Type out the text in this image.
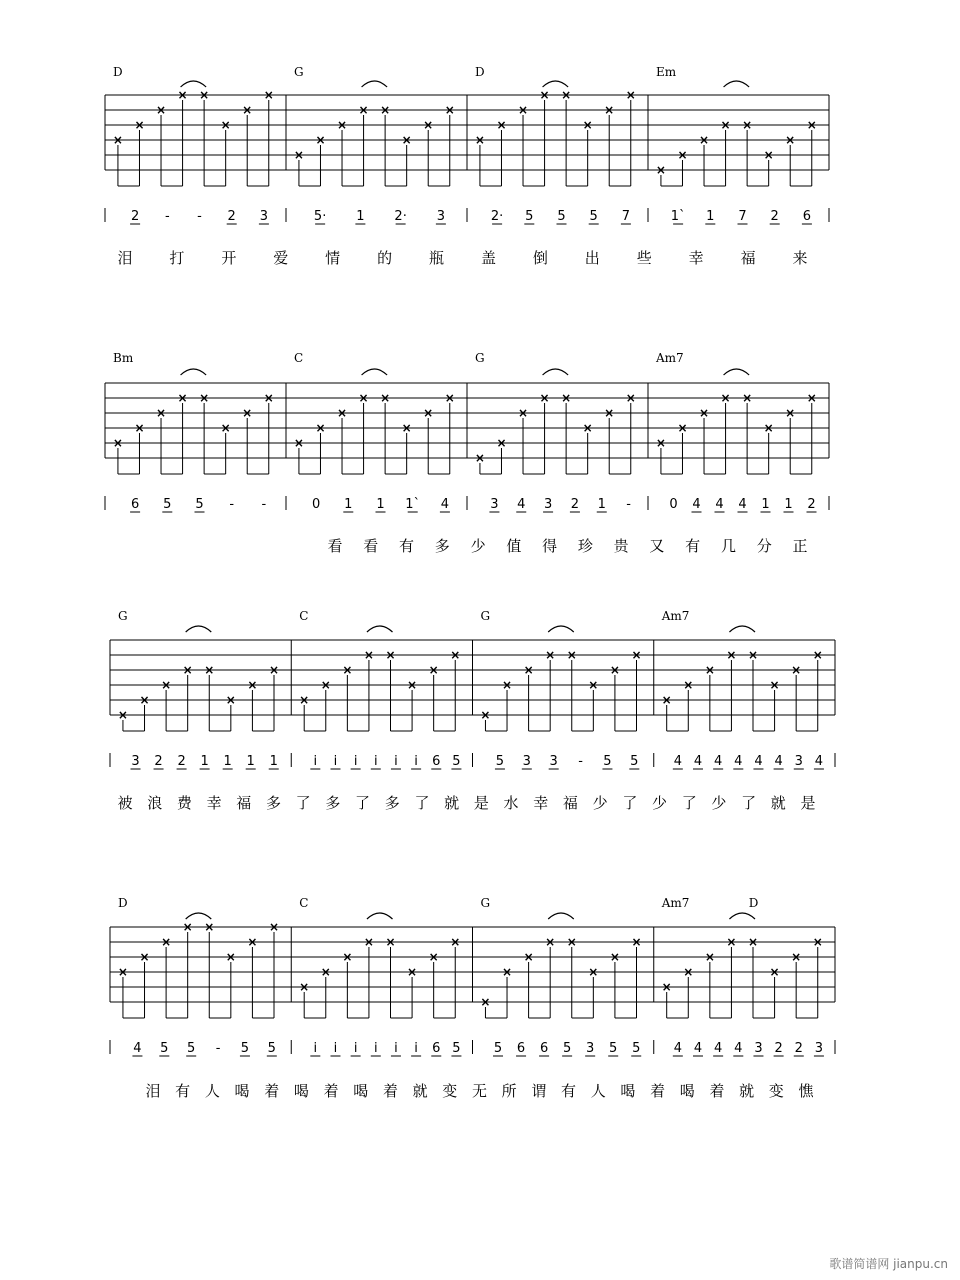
D
×
×
×
× ×
×
×
×
2 - - 2 3
G
×
×
×
× ×
×
×
×
5· 1 2· 3
D
×
×
×
× ×
×
×
×
2· 5 5 5 7
Em
×
×
×
× ×
×
×
×
1` 1 7 2 6
泪 打 开 爱 情 的 瓶 盖 倒 出 些 幸 福 来
Bm
×
×
×
× ×
×
×
×
6 5 5 - -
C
×
×
×
× ×
×
×
×
0 1 1 1` 4
G
×
×
×
× ×
×
×
×
3 4 3 2 1 -
Am7
×
×
×
× ×
×
×
×
0 4 4 4 1 1 2
看 看 有 多 少 值 得 珍 贵 又 有 几 分 正
G
×
×
×
× ×
×
×
×
3 2 2 1 1 1 1
C
×
×
×
× ×
×
×
×
i i i i i i 6 5
G
×
×
×
× ×
×
×
×
5 3 3 - 5 5
Am7
×
×
×
× ×
×
×
×
4 4 4 4 4 4 3 4
被 浪 费 幸 福 多 了 多 了 多 了 就 是 水 幸 福 少 了 少 了 少 了 就 是
D
×
×
×
× ×
×
×
×
4 5 5 - 5 5
C
×
×
×
× ×
×
×
×
i i i i i i 6 5
G
×
×
×
× ×
×
×
×
5 6 6 5 3 5 5
Am7	D
×
×
×
× ×
×
×
×
4 4 4 4 3 2 2 3
泪 有 人 喝 着 喝 着 喝 着 就 变 无 所 谓 有 人 喝 着 喝 着 就 变 憔
歌谱简谱网 jianpu.cn
